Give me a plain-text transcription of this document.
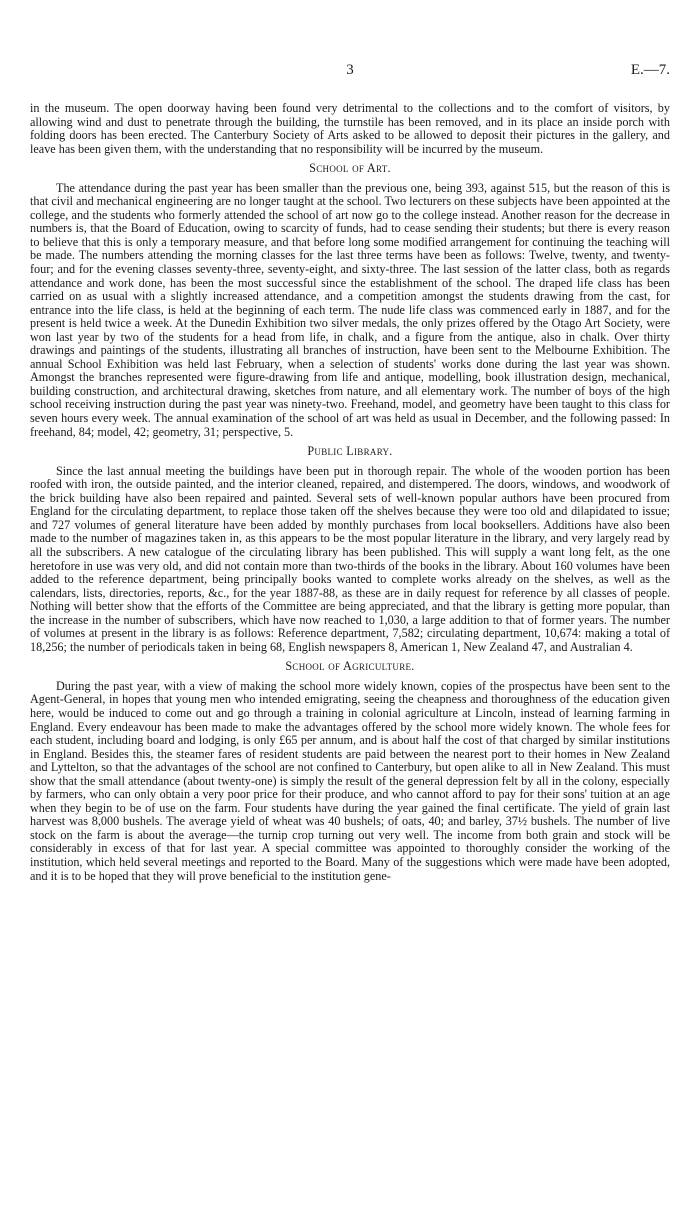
3	E.—7.

in the museum. The open doorway having been found very detrimental to the collections and to the comfort of visitors, by allowing wind and dust to penetrate through the building, the turnstile has been removed, and in its place an inside porch with folding doors has been erected. The Canterbury Society of Arts asked to be allowed to deposit their pictures in the gallery, and leave has been given them, with the understanding that no responsibility will be incurred by the museum.

School of Art.

The attendance during the past year has been smaller than the previous one, being 393, against 515, but the reason of this is that civil and mechanical engineering are no longer taught at the school. Two lecturers on these subjects have been appointed at the college, and the students who formerly attended the school of art now go to the college instead. Another reason for the decrease in numbers is, that the Board of Education, owing to scarcity of funds, had to cease sending their students; but there is every reason to believe that this is only a temporary measure, and that before long some modified arrangement for continuing the teaching will be made. The numbers attending the morning classes for the last three terms have been as follows: Twelve, twenty, and twenty-four; and for the evening classes seventy-three, seventy-eight, and sixty-three. The last session of the latter class, both as regards attendance and work done, has been the most successful since the establishment of the school. The draped life class has been carried on as usual with a slightly increased attendance, and a competition amongst the students drawing from the cast, for entrance into the life class, is held at the beginning of each term. The nude life class was commenced early in 1887, and for the present is held twice a week. At the Dunedin Exhibition two silver medals, the only prizes offered by the Otago Art Society, were won last year by two of the students for a head from life, in chalk, and a figure from the antique, also in chalk. Over thirty drawings and paintings of the students, illustrating all branches of instruction, have been sent to the Melbourne Exhibition. The annual School Exhibition was held last February, when a selection of students' works done during the last year was shown. Amongst the branches represented were figure-drawing from life and antique, modelling, book illustration design, mechanical, building construction, and architectural drawing, sketches from nature, and all elementary work. The number of boys of the high school receiving instruction during the past year was ninety-two. Freehand, model, and geometry have been taught to this class for seven hours every week. The annual examination of the school of art was held as usual in December, and the following passed: In freehand, 84; model, 42; geometry, 31; perspective, 5.

Public Library.

Since the last annual meeting the buildings have been put in thorough repair. The whole of the wooden portion has been roofed with iron, the outside painted, and the interior cleaned, repaired, and distempered. The doors, windows, and woodwork of the brick building have also been repaired and painted. Several sets of well-known popular authors have been procured from England for the circulating department, to replace those taken off the shelves because they were too old and dilapidated to issue; and 727 volumes of general literature have been added by monthly purchases from local booksellers. Additions have also been made to the number of magazines taken in, as this appears to be the most popular literature in the library, and very largely read by all the subscribers. A new catalogue of the circulating library has been published. This will supply a want long felt, as the one heretofore in use was very old, and did not contain more than two-thirds of the books in the library. About 160 volumes have been added to the reference department, being principally books wanted to complete works already on the shelves, as well as the calendars, lists, directories, reports, &c., for the year 1887-88, as these are in daily request for reference by all classes of people. Nothing will better show that the efforts of the Committee are being appreciated, and that the library is getting more popular, than the increase in the number of subscribers, which have now reached to 1,030, a large addition to that of former years. The number of volumes at present in the library is as follows: Reference department, 7,582; circulating department, 10,674: making a total of 18,256; the number of periodicals taken in being 68, English newspapers 8, American 1, New Zealand 47, and Australian 4.

School of Agriculture.

During the past year, with a view of making the school more widely known, copies of the prospectus have been sent to the Agent-General, in hopes that young men who intended emigrating, seeing the cheapness and thoroughness of the education given here, would be induced to come out and go through a training in colonial agriculture at Lincoln, instead of learning farming in England. Every endeavour has been made to make the advantages offered by the school more widely known. The whole fees for each student, including board and lodging, is only £65 per annum, and is about half the cost of that charged by similar institutions in England. Besides this, the steamer fares of resident students are paid between the nearest port to their homes in New Zealand and Lyttelton, so that the advantages of the school are not confined to Canterbury, but open alike to all in New Zealand. This must show that the small attendance (about twenty-one) is simply the result of the general depression felt by all in the colony, especially by farmers, who can only obtain a very poor price for their produce, and who cannot afford to pay for their sons' tuition at an age when they begin to be of use on the farm. Four students have during the year gained the final certificate. The yield of grain last harvest was 8,000 bushels. The average yield of wheat was 40 bushels; of oats, 40; and barley, 37½ bushels. The number of live stock on the farm is about the average—the turnip crop turning out very well. The income from both grain and stock will be considerably in excess of that for last year. A special committee was appointed to thoroughly consider the working of the institution, which held several meetings and reported to the Board. Many of the suggestions which were made have been adopted, and it is to be hoped that they will prove beneficial to the institution gene-
